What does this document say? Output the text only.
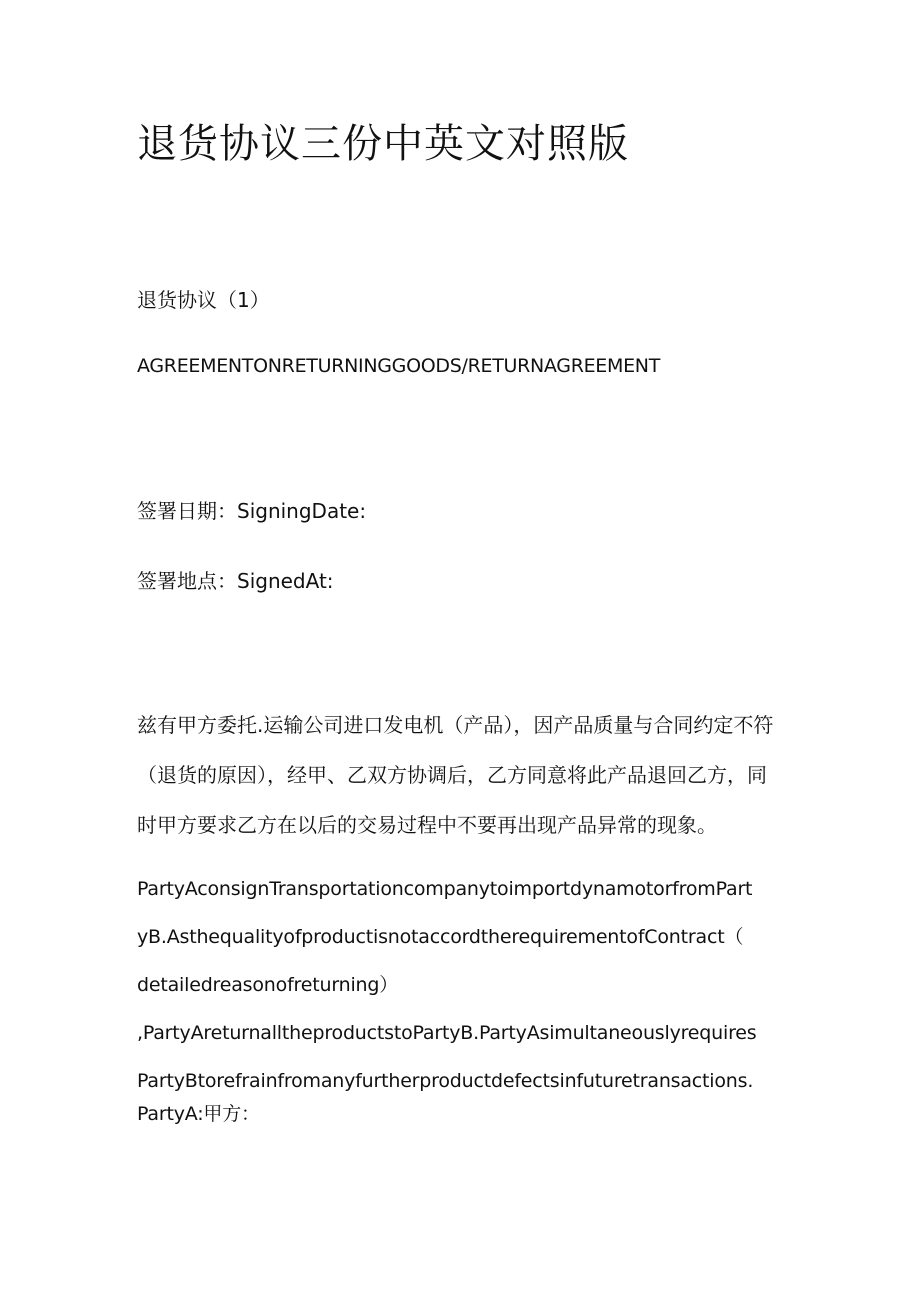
退货协议三份中英文对照版
退货协议（1）
AGREEMENTONRETURNINGGOODS/RETURNAGREEMENT
签署日期：SigningDate:
签署地点：SignedAt:
兹有甲方委托.运输公司进口发电机（产品），因产品质量与合同约定不符
（退货的原因），经甲、乙双方协调后，乙方同意将此产品退回乙方，同
时甲方要求乙方在以后的交易过程中不要再出现产品异常的现象。
PartyAconsignTransportationcompanytoimportdynamotorfromPart
yB.AsthequalityofproductisnotaccordtherequirementofContract（
detailedreasonofreturning）
,PartyAreturnalltheproductstoPartyB.PartyAsimultaneouslyrequires
PartyBtorefrainfromanyfurtherproductdefectsinfuturetransactions.
PartyA:甲方：
